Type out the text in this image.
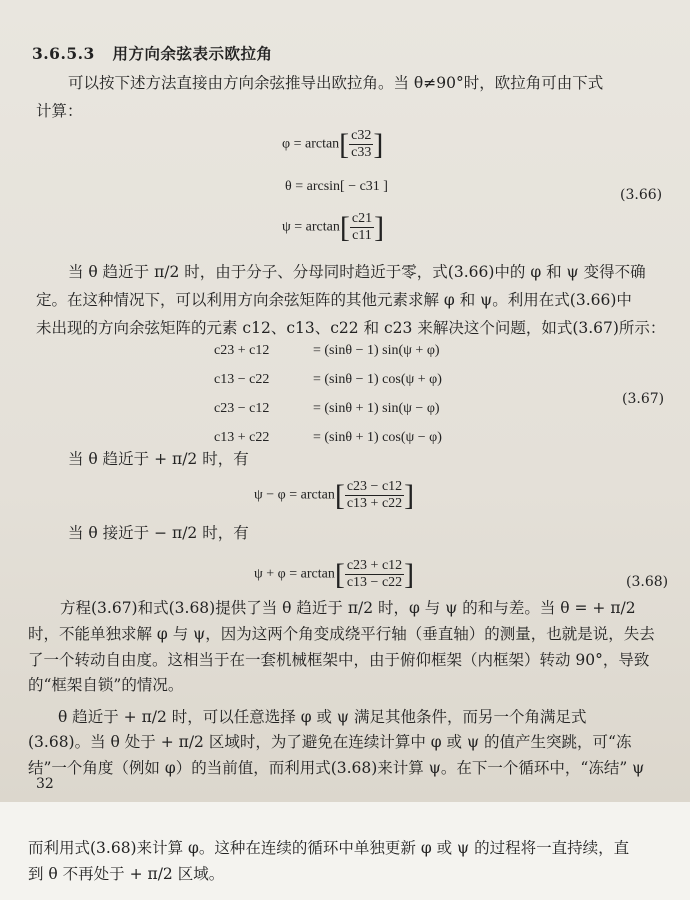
3.6.5.3 用方向余弦表示欧拉角
可以按下述方法直接由方向余弦推导出欧拉角。当 θ≠90°时，欧拉角可由下式
计算：
$\varphi = \arctan[ \frac{c32}{c33}$ ]
θ = arcsin[ − c31 ]
$\psi = \arctan[ \frac{c21}{c11}$ ]
(3.66)
当 θ 趋近于 π/2 时，由于分子、分母同时趋近于零，式(3.66)中的 φ 和 ψ 变得不确
定。在这种情况下，可以利用方向余弦矩阵的其他元素求解 φ 和 ψ。利用在式(3.66)中
未出现的方向余弦矩阵的元素 c12、c13、c22 和 c23 来解决这个问题，如式(3.67)所示：
c23 + c12	= (sinθ − 1) sin(ψ + φ)
c13 − c22	= (sinθ − 1) cos(ψ + φ)
c23 − c12	= (sinθ + 1) sin(ψ − φ)
c13 + c22	= (sinθ + 1) cos(ψ − φ)
(3.67)
当 θ 趋近于 + π/2 时，有
$\psi - \varphi = \arctan[ \frac{c23 - c12}{c13 + c22}$ ]
当 θ 接近于 − π/2 时，有
$\psi + \varphi = \arctan[ \frac{c23 + c12}{c13 - c22}$ ]	(3.68)
方程(3.67)和式(3.68)提供了当 θ 趋近于 π/2 时，φ 与 ψ 的和与差。当 θ = + π/2
时，不能单独求解 φ 与 ψ，因为这两个角变成绕平行轴（垂直轴）的测量，也就是说，失去
了一个转动自由度。这相当于在一套机械框架中，由于俯仰框架（内框架）转动 90°，导致
的“框架自锁”的情况。
θ 趋近于 + π/2 时，可以任意选择 φ 或 ψ 满足其他条件，而另一个角满足式
(3.68)。当 θ 处于 + π/2 区域时，为了避免在连续计算中 φ 或 ψ 的值产生突跳，可“冻
结”一个角度（例如 φ）的当前值，而利用式(3.68)来计算 ψ。在下一个循环中，“冻结” ψ
32
而利用式(3.68)来计算 φ。这种在连续的循环中单独更新 φ 或 ψ 的过程将一直持续，直
到 θ 不再处于 + π/2 区域。
